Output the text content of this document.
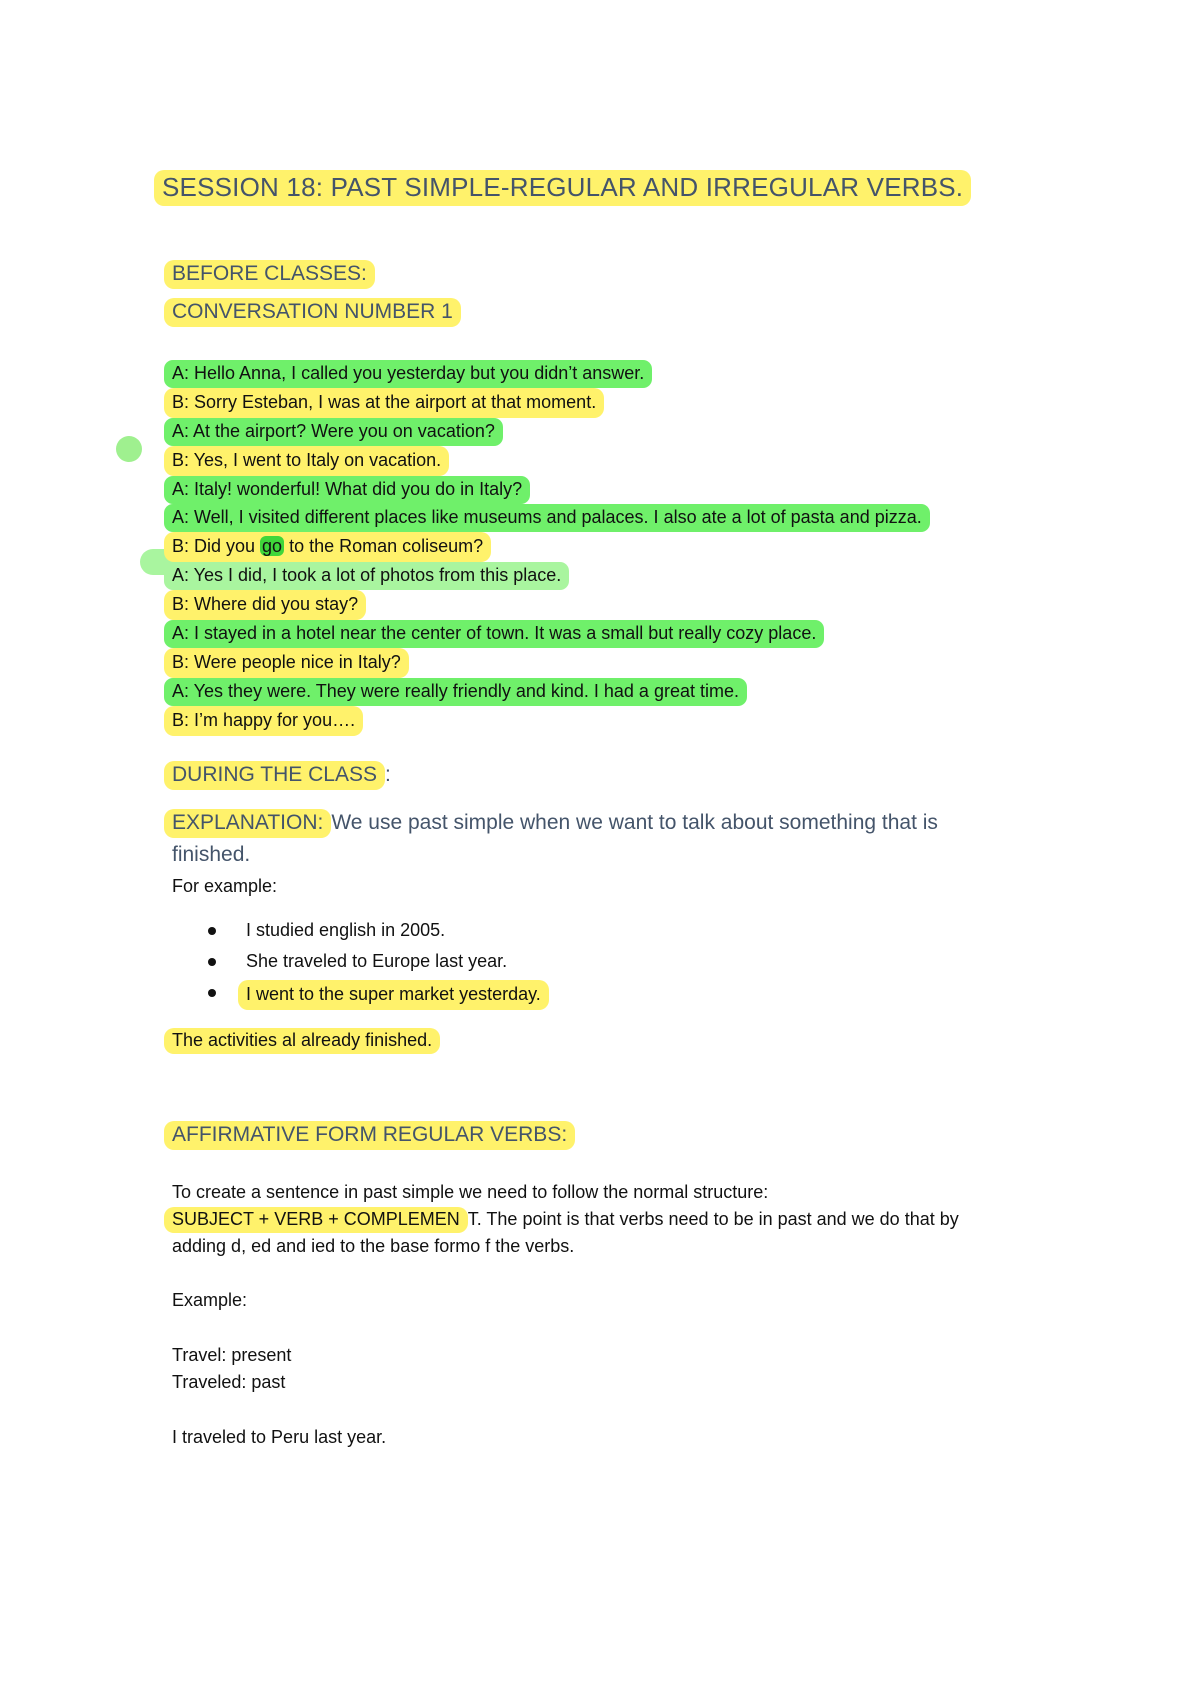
SESSION 18: PAST SIMPLE-REGULAR AND IRREGULAR VERBS.
BEFORE CLASSES:
CONVERSATION NUMBER 1
A: Hello Anna, I called you yesterday but you didn’t answer.
B: Sorry Esteban, I was at the airport at that moment.
A: At the airport? Were you on vacation?
B: Yes, I went to Italy on vacation.
A: Italy! wonderful! What did you do in Italy?
A: Well, I visited different places like museums and palaces. I also ate a lot of pasta and pizza.
B: Did you go to the Roman coliseum?
A: Yes I did, I took a lot of photos from this place.
B: Where did you stay?
A: I stayed in a hotel near the center of town. It was a small but really cozy place.
B: Were people nice in Italy?
A: Yes they were. They were really friendly and kind. I had a great time.
B: I’m happy for you….
DURING THE CLASS :
EXPLANATION: We use past simple when we want to talk about something that is
finished.
For example:
I studied english in 2005.
She traveled to Europe last year.
I went to the super market yesterday.
The activities al already finished.
AFFIRMATIVE FORM REGULAR VERBS:
To create a sentence in past simple we need to follow the normal structure:
SUBJECT + VERB + COMPLEMEN T. The point is that verbs need to be in past and we do that by
adding d, ed and ied to the base formo f the verbs.
Example:
Travel: present
Traveled: past
I traveled to Peru last year.
